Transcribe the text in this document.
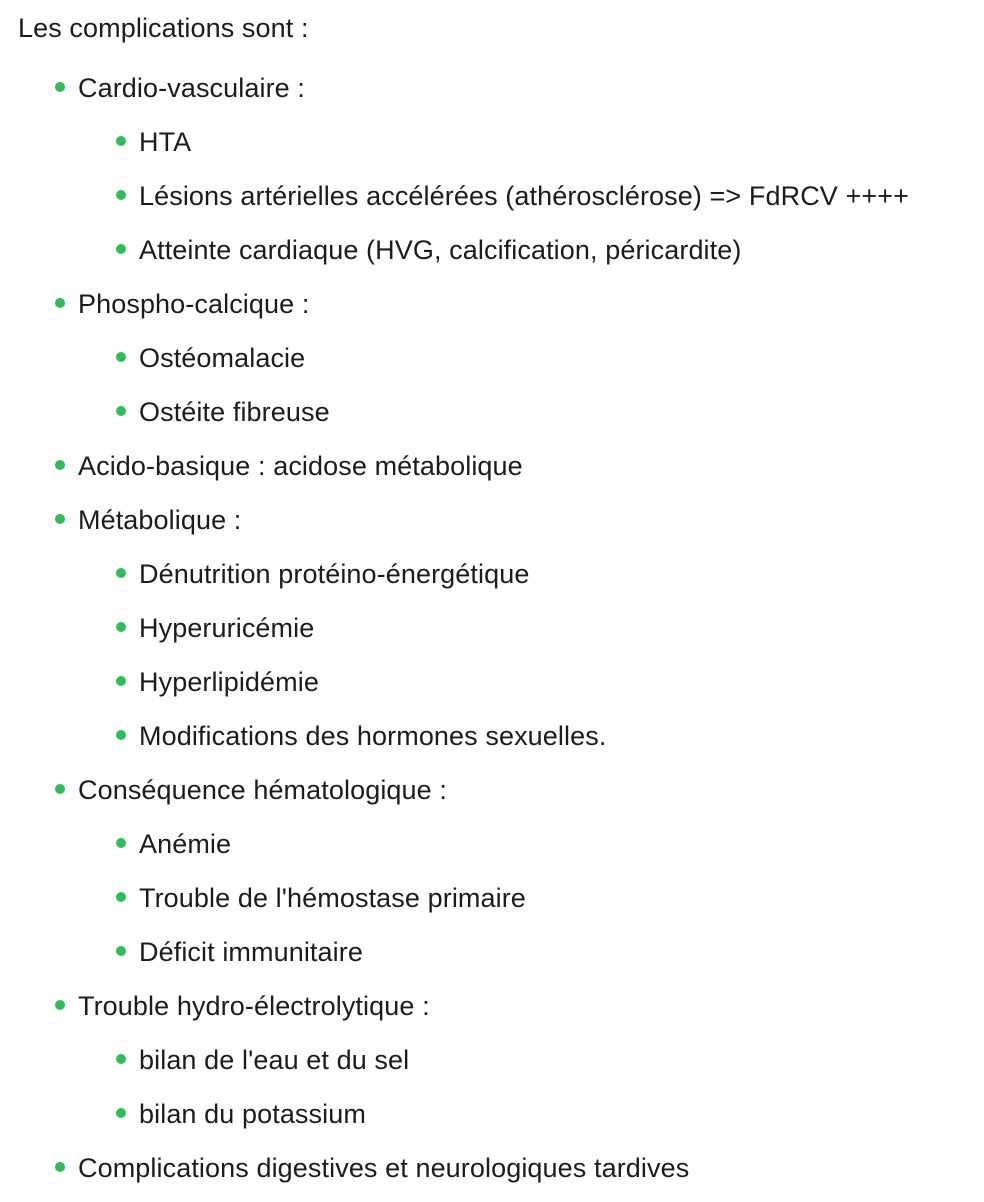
Les complications sont :
Cardio-vasculaire :
HTA
Lésions artérielles accélérées (athérosclérose) => FdRCV ++++
Atteinte cardiaque (HVG, calcification, péricardite)
Phospho-calcique :
Ostéomalacie
Ostéite fibreuse
Acido-basique : acidose métabolique
Métabolique :
Dénutrition protéino-énergétique
Hyperuricémie
Hyperlipidémie
Modifications des hormones sexuelles.
Conséquence hématologique :
Anémie
Trouble de l'hémostase primaire
Déficit immunitaire
Trouble hydro-électrolytique :
bilan de l'eau et du sel
bilan du potassium
Complications digestives et neurologiques tardives
